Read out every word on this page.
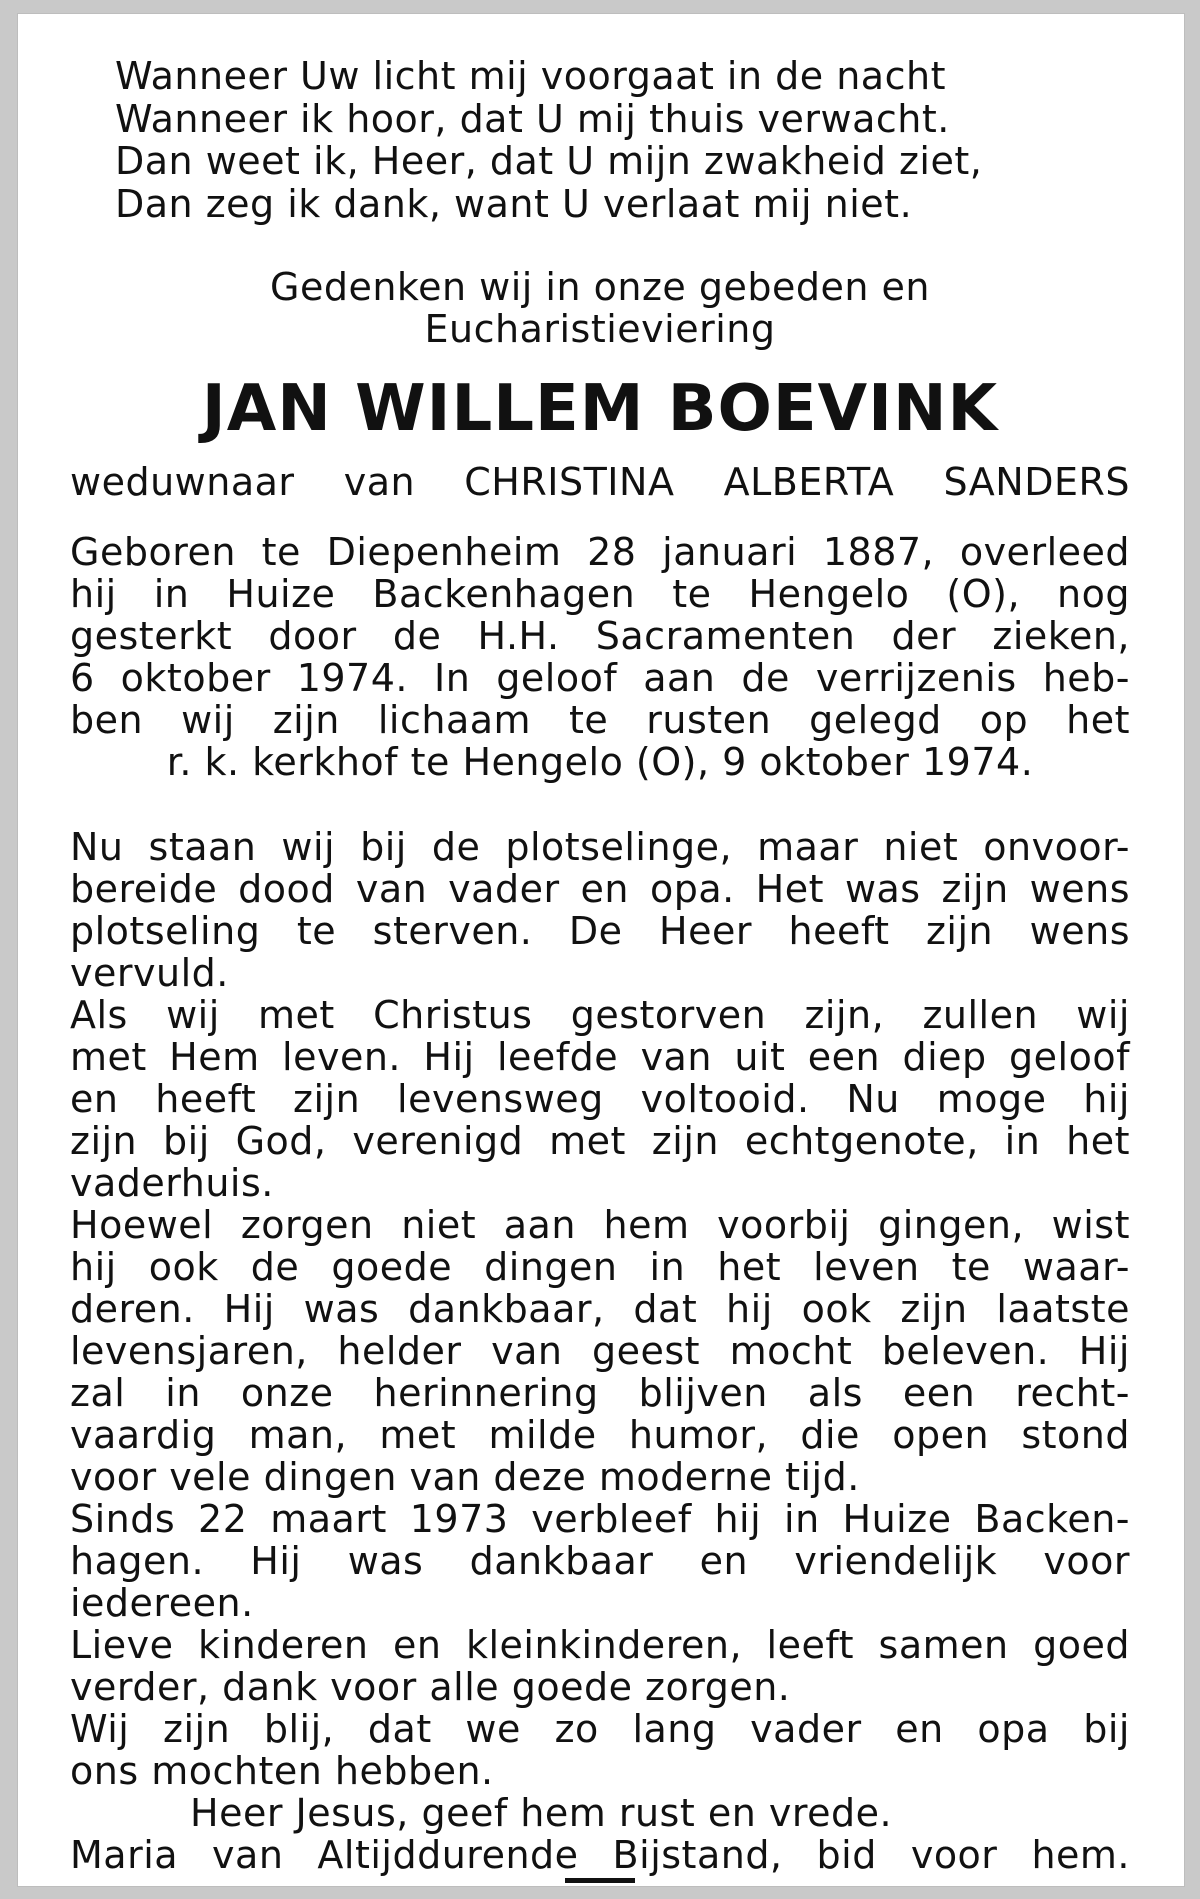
Wanneer Uw licht mij voorgaat in de nacht
Wanneer ik hoor, dat U mij thuis verwacht.
Dan weet ik, Heer, dat U mijn zwakheid ziet,
Dan zeg ik dank, want U verlaat mij niet.
Gedenken wij in onze gebeden en
Eucharistieviering
JAN WILLEM BOEVINK
weduwnaar van CHRISTINA ALBERTA SANDERS
Geboren te Diepenheim 28 januari 1887, overleed
hij in Huize Backenhagen te Hengelo (O), nog
gesterkt door de H.H. Sacramenten der zieken,
6 oktober 1974. In geloof aan de verrijzenis heb-
ben wij zijn lichaam te rusten gelegd op het
r. k. kerkhof te Hengelo (O), 9 oktober 1974.
Nu staan wij bij de plotselinge, maar niet onvoor-
bereide dood van vader en opa. Het was zijn wens
plotseling te sterven. De Heer heeft zijn wens
vervuld.
Als wij met Christus gestorven zijn, zullen wij
met Hem leven. Hij leefde van uit een diep geloof
en heeft zijn levensweg voltooid. Nu moge hij
zijn bij God, verenigd met zijn echtgenote, in het
vaderhuis.
Hoewel zorgen niet aan hem voorbij gingen, wist
hij ook de goede dingen in het leven te waar-
deren. Hij was dankbaar, dat hij ook zijn laatste
levensjaren, helder van geest mocht beleven. Hij
zal in onze herinnering blijven als een recht-
vaardig man, met milde humor, die open stond
voor vele dingen van deze moderne tijd.
Sinds 22 maart 1973 verbleef hij in Huize Backen-
hagen. Hij was dankbaar en vriendelijk voor
iedereen.
Lieve kinderen en kleinkinderen, leeft samen goed
verder, dank voor alle goede zorgen.
Wij zijn blij, dat we zo lang vader en opa bij
ons mochten hebben.
Heer Jesus, geef hem rust en vrede.
Maria van Altijddurende Bijstand, bid voor hem.
